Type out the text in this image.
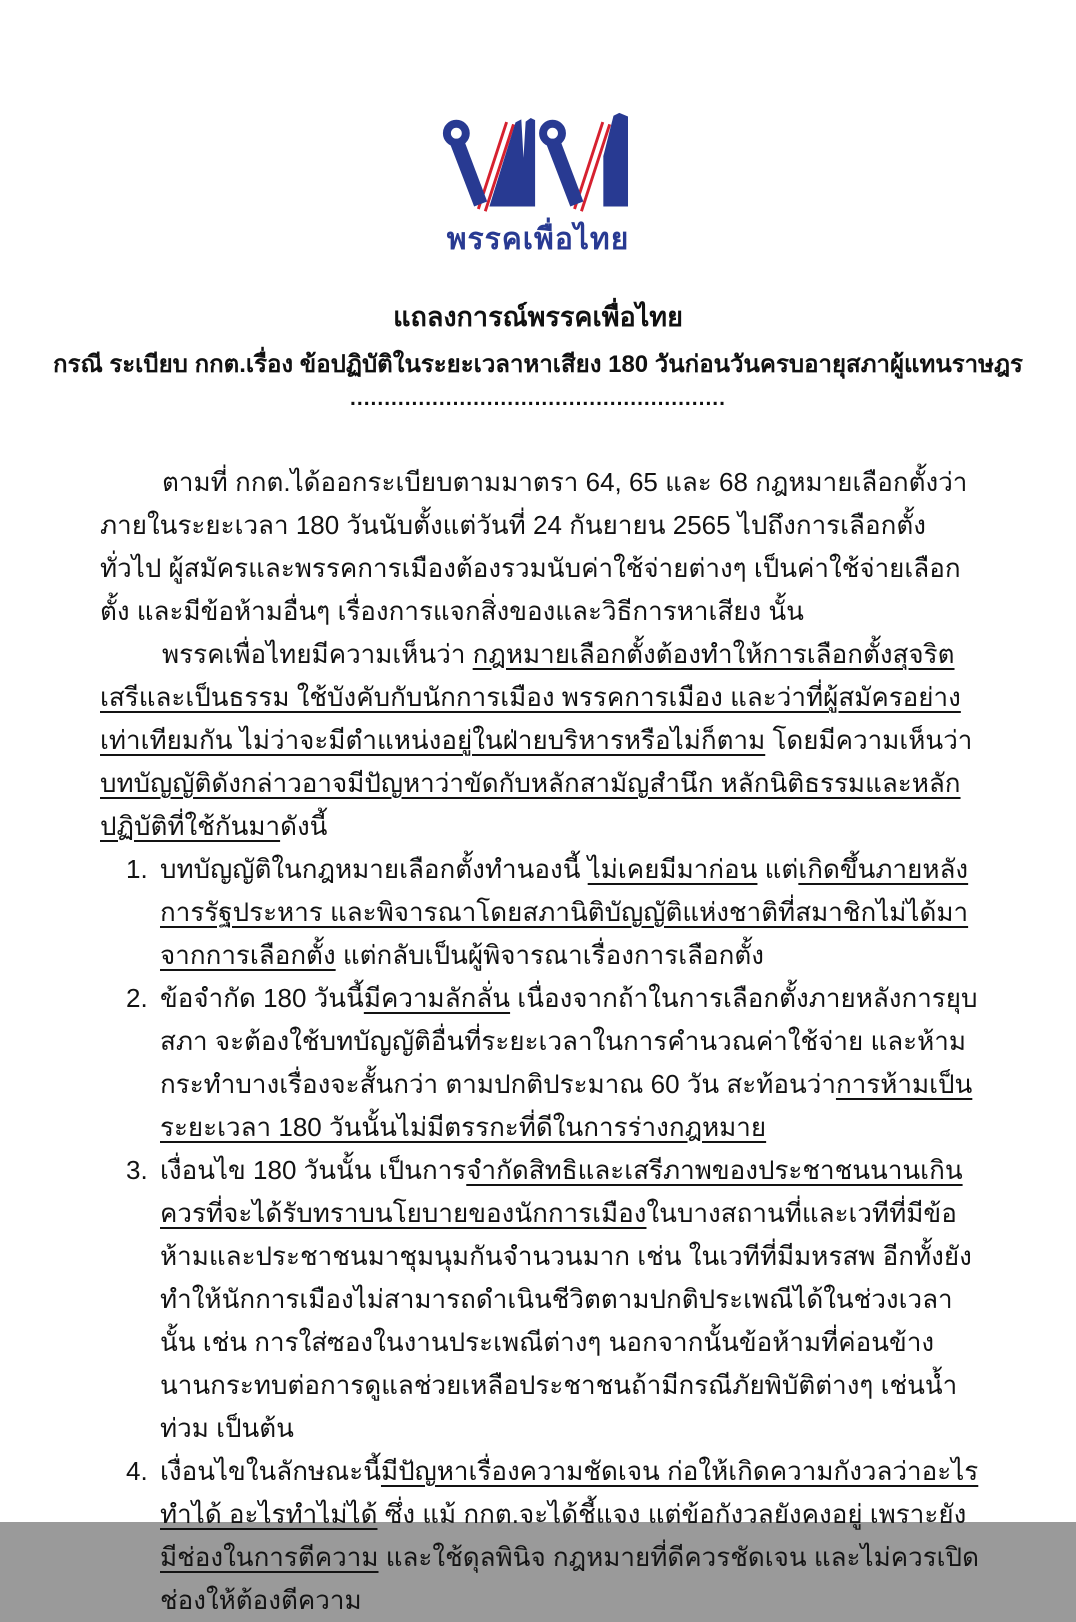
พรรคเพื่อไทย
แถลงการณ์พรรคเพื่อไทย
กรณี ระเบียบ กกต.เรื่อง ข้อปฏิบัติในระยะเวลาหาเสียง 180 วันก่อนวันครบอายุสภาผู้แทนราษฎร
.......................................................

ตามที่ กกต.ได้ออกระเบียบตามมาตรา 64, 65 และ 68 กฎหมายเลือกตั้งว่า ภายในระยะเวลา 180 วันนับตั้งแต่วันที่ 24 กันยายน 2565 ไปถึงการเลือกตั้งทั่วไป ผู้สมัครและพรรคการเมืองต้องรวมนับค่าใช้จ่ายต่างๆ เป็นค่าใช้จ่ายเลือกตั้ง และมีข้อห้ามอื่นๆ เรื่องการแจกสิ่งของและวิธีการหาเสียง นั้น

พรรคเพื่อไทยมีความเห็นว่า กฎหมายเลือกตั้งต้องทำให้การเลือกตั้งสุจริต เสรีและเป็นธรรม ใช้บังคับกับนักการเมือง พรรคการเมือง และว่าที่ผู้สมัครอย่างเท่าเทียมกัน ไม่ว่าจะมีตำแหน่งอยู่ในฝ่ายบริหารหรือไม่ก็ตาม โดยมีความเห็นว่าบทบัญญัติดังกล่าวอาจมีปัญหาว่าขัดกับหลักสามัญสำนึก หลักนิติธรรมและหลักปฏิบัติที่ใช้กันมาดังนี้

1. บทบัญญัติในกฎหมายเลือกตั้งทำนองนี้ ไม่เคยมีมาก่อน แต่เกิดขึ้นภายหลังการรัฐประหาร และพิจารณาโดยสภานิติบัญญัติแห่งชาติที่สมาชิกไม่ได้มาจากการเลือกตั้ง แต่กลับเป็นผู้พิจารณาเรื่องการเลือกตั้ง
2. ข้อจำกัด 180 วันนี้มีความลักลั่น เนื่องจากถ้าในการเลือกตั้งภายหลังการยุบสภา จะต้องใช้บทบัญญัติอื่นที่ระยะเวลาในการคำนวณค่าใช้จ่าย และห้ามกระทำบางเรื่องจะสั้นกว่า ตามปกติประมาณ 60 วัน สะท้อนว่าการห้ามเป็นระยะเวลา 180 วันนั้นไม่มีตรรกะที่ดีในการร่างกฎหมาย
3. เงื่อนไข 180 วันนั้น เป็นการจำกัดสิทธิและเสรีภาพของประชาชนนานเกินควรที่จะได้รับทราบนโยบายของนักการเมืองในบางสถานที่และเวทีที่มีข้อห้ามและประชาชนมาชุมนุมกันจำนวนมาก เช่น ในเวทีที่มีมหรสพ อีกทั้งยังทำให้นักการเมืองไม่สามารถดำเนินชีวิตตามปกติประเพณีได้ในช่วงเวลานั้น เช่น การใส่ซองในงานประเพณีต่างๆ นอกจากนั้นข้อห้ามที่ค่อนข้างนานกระทบต่อการดูแลช่วยเหลือประชาชนถ้ามีกรณีภัยพิบัติต่างๆ เช่นน้ำท่วม เป็นต้น
4. เงื่อนไขในลักษณะนี้มีปัญหาเรื่องความชัดเจน ก่อให้เกิดความกังวลว่าอะไรทำได้ อะไรทำไม่ได้ ซึ่ง แม้ กกต.จะได้ชี้แจง แต่ข้อกังวลยังคงอยู่ เพราะยังมีช่องในการตีความ และใช้ดุลพินิจ กฎหมายที่ดีควรชัดเจน และไม่ควรเปิดช่องให้ต้องตีความ
